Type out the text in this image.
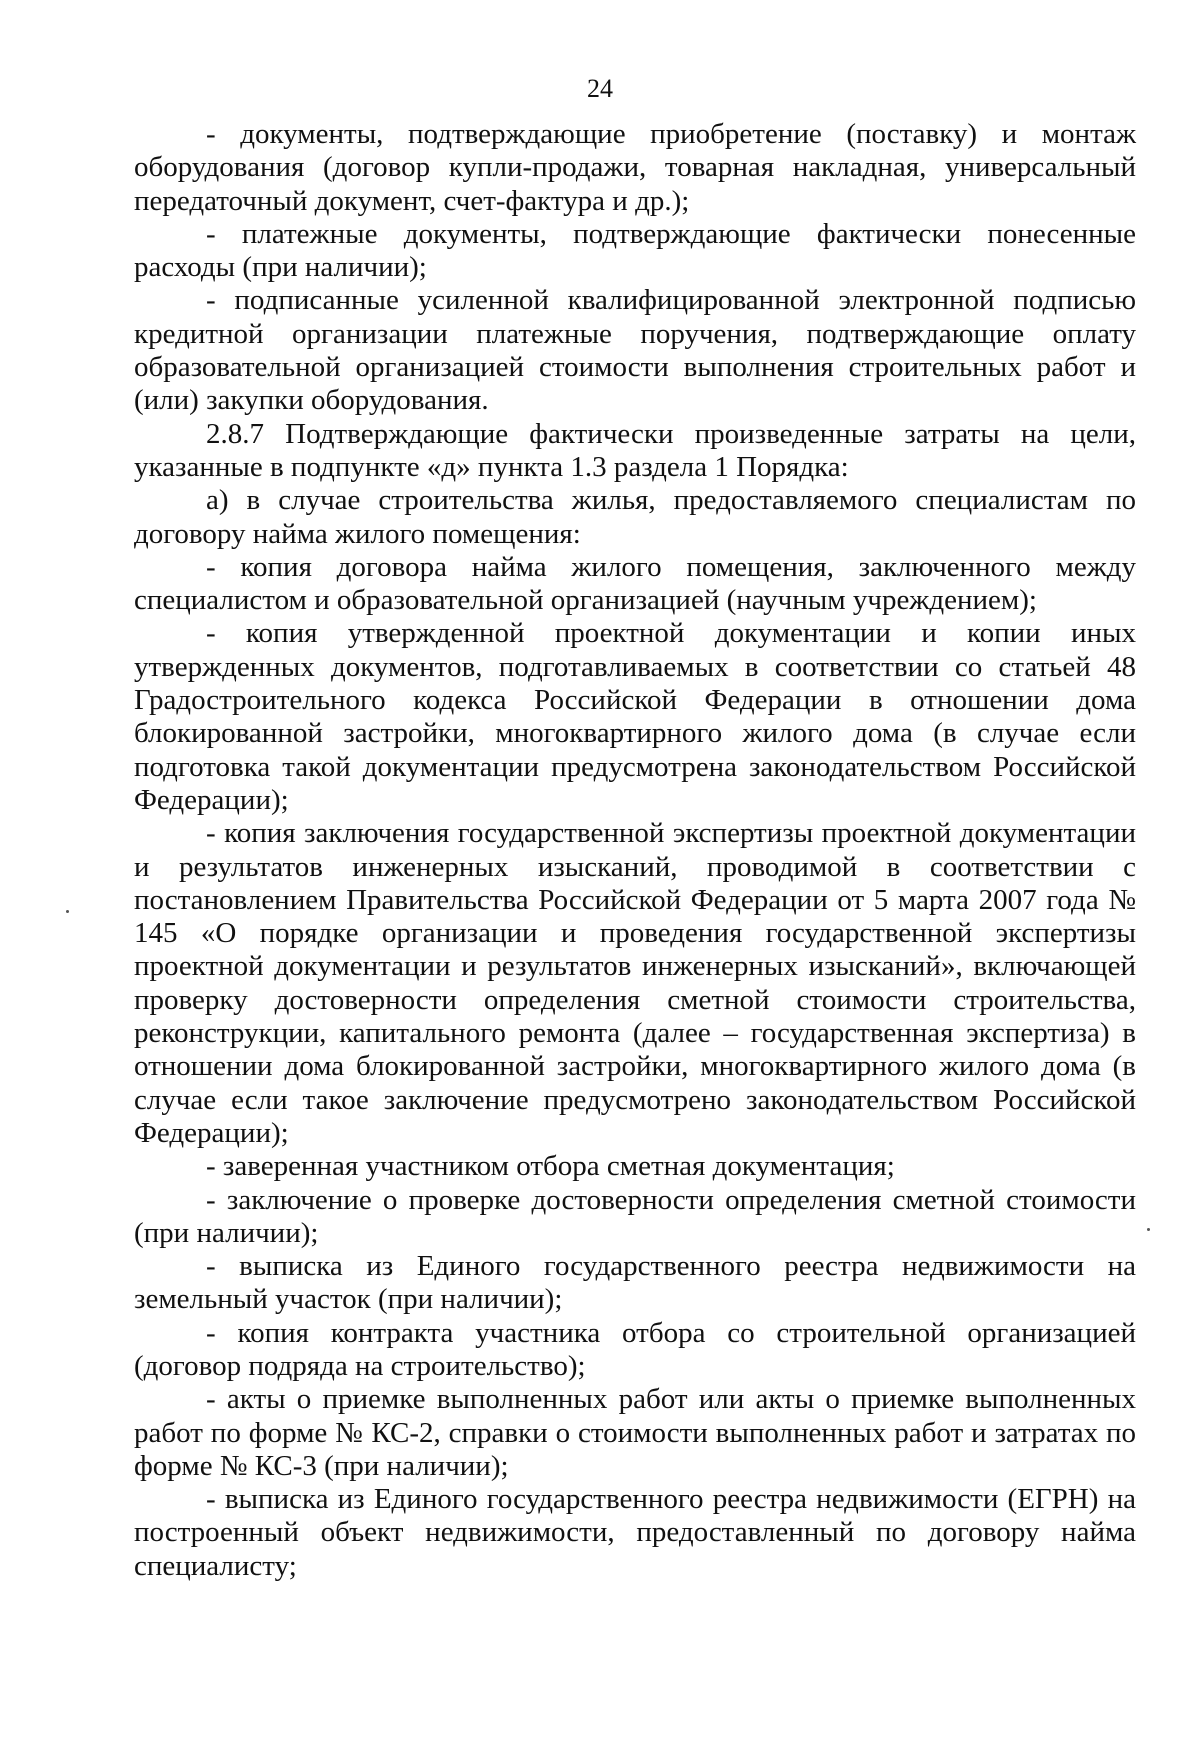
24

- документы, подтверждающие приобретение (поставку) и монтаж оборудования (договор купли-продажи, товарная накладная, универсальный передаточный документ, счет-фактура и др.);

- платежные документы, подтверждающие фактически понесенные расходы (при наличии);

- подписанные усиленной квалифицированной электронной подписью кредитной организации платежные поручения, подтверждающие оплату образовательной организацией стоимости выполнения строительных работ и (или) закупки оборудования.

2.8.7 Подтверждающие фактически произведенные затраты на цели, указанные в подпункте «д» пункта 1.3 раздела 1 Порядка:

а) в случае строительства жилья, предоставляемого специалистам по договору найма жилого помещения:

- копия договора найма жилого помещения, заключенного между специалистом и образовательной организацией (научным учреждением);

- копия утвержденной проектной документации и копии иных утвержденных документов, подготавливаемых в соответствии со статьей 48 Градостроительного кодекса Российской Федерации в отношении дома блокированной застройки, многоквартирного жилого дома (в случае если подготовка такой документации предусмотрена законодательством Российской Федерации);

- копия заключения государственной экспертизы проектной документации и результатов инженерных изысканий, проводимой в соответствии с постановлением Правительства Российской Федерации от 5 марта 2007 года № 145 «О порядке организации и проведения государственной экспертизы проектной документации и результатов инженерных изысканий», включающей проверку достоверности определения сметной стоимости строительства, реконструкции, капитального ремонта (далее – государственная экспертиза) в отношении дома блокированной застройки, многоквартирного жилого дома (в случае если такое заключение предусмотрено законодательством Российской Федерации);

- заверенная участником отбора сметная документация;

- заключение о проверке достоверности определения сметной стоимости (при наличии);

- выписка из Единого государственного реестра недвижимости на земельный участок (при наличии);

- копия контракта участника отбора со строительной организацией (договор подряда на строительство);

- акты о приемке выполненных работ или акты о приемке выполненных работ по форме № КС-2, справки о стоимости выполненных работ и затратах по форме № КС-3 (при наличии);

- выписка из Единого государственного реестра недвижимости (ЕГРН) на построенный объект недвижимости, предоставленный по договору найма специалисту;
